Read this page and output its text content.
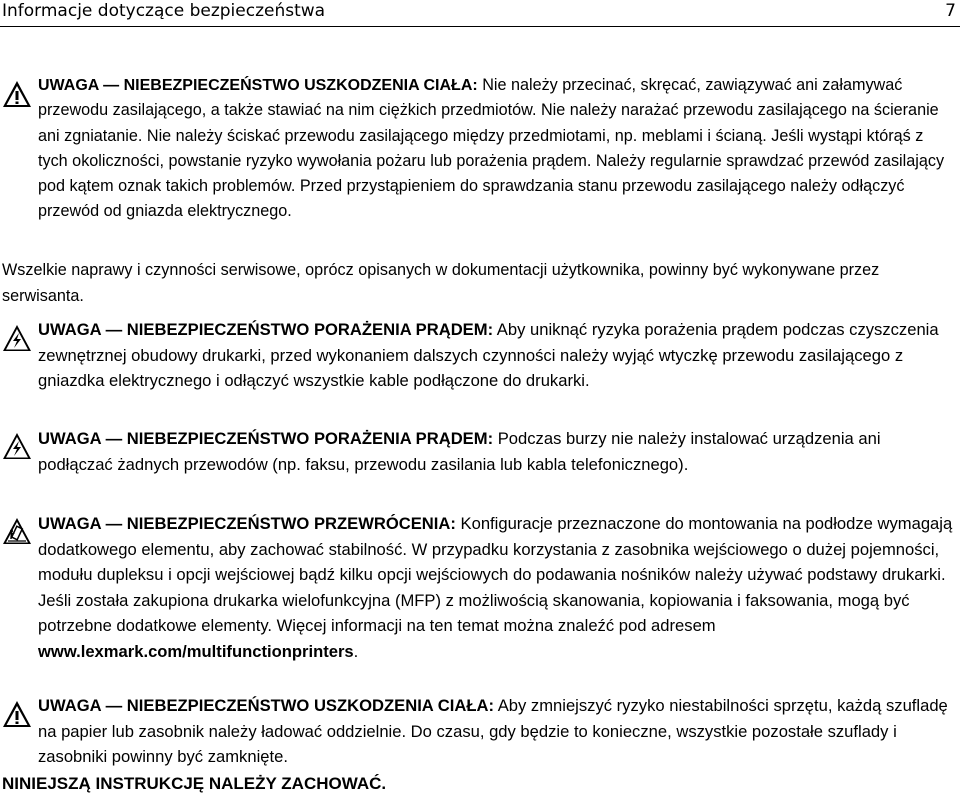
Informacje dotyczące bezpieczeństwa	7
UWAGA — NIEBEZPIECZEŃSTWO USZKODZENIA CIAŁA: Nie należy przecinać, skręcać, zawiązywać ani załamywać przewodu zasilającego, a także stawiać na nim ciężkich przedmiotów. Nie należy narażać przewodu zasilającego na ścieranie ani zgniatanie. Nie należy ściskać przewodu zasilającego między przedmiotami, np. meblami i ścianą. Jeśli wystąpi którąś z tych okoliczności, powstanie ryzyko wywołania pożaru lub porażenia prądem. Należy regularnie sprawdzać przewód zasilający pod kątem oznak takich problemów. Przed przystąpieniem do sprawdzania stanu przewodu zasilającego należy odłączyć przewód od gniazda elektrycznego.
Wszelkie naprawy i czynności serwisowe, oprócz opisanych w dokumentacji użytkownika, powinny być wykonywane przez serwisanta.
UWAGA — NIEBEZPIECZEŃSTWO PORAŻENIA PRĄDEM: Aby uniknąć ryzyka porażenia prądem podczas czyszczenia zewnętrznej obudowy drukarki, przed wykonaniem dalszych czynności należy wyjąć wtyczkę przewodu zasilającego z gniazdka elektrycznego i odłączyć wszystkie kable podłączone do drukarki.
UWAGA — NIEBEZPIECZEŃSTWO PORAŻENIA PRĄDEM: Podczas burzy nie należy instalować urządzenia ani podłączać żadnych przewodów (np. faksu, przewodu zasilania lub kabla telefonicznego).
UWAGA — NIEBEZPIECZEŃSTWO PRZEWRÓCENIA: Konfiguracje przeznaczone do montowania na podłodze wymagają dodatkowego elementu, aby zachować stabilność. W przypadku korzystania z zasobnika wejściowego o dużej pojemności, modułu dupleksu i opcji wejściowej bądź kilku opcji wejściowych do podawania nośników należy używać podstawy drukarki. Jeśli została zakupiona drukarka wielofunkcyjna (MFP) z możliwością skanowania, kopiowania i faksowania, mogą być potrzebne dodatkowe elementy. Więcej informacji na ten temat można znaleźć pod adresem www.lexmark.com/multifunctionprinters.
UWAGA — NIEBEZPIECZEŃSTWO USZKODZENIA CIAŁA: Aby zmniejszyć ryzyko niestabilności sprzętu, każdą szufladę na papier lub zasobnik należy ładować oddzielnie. Do czasu, gdy będzie to konieczne, wszystkie pozostałe szuflady i zasobniki powinny być zamknięte.
NINIEJSZĄ INSTRUKCJĘ NALEŻY ZACHOWAĆ.
